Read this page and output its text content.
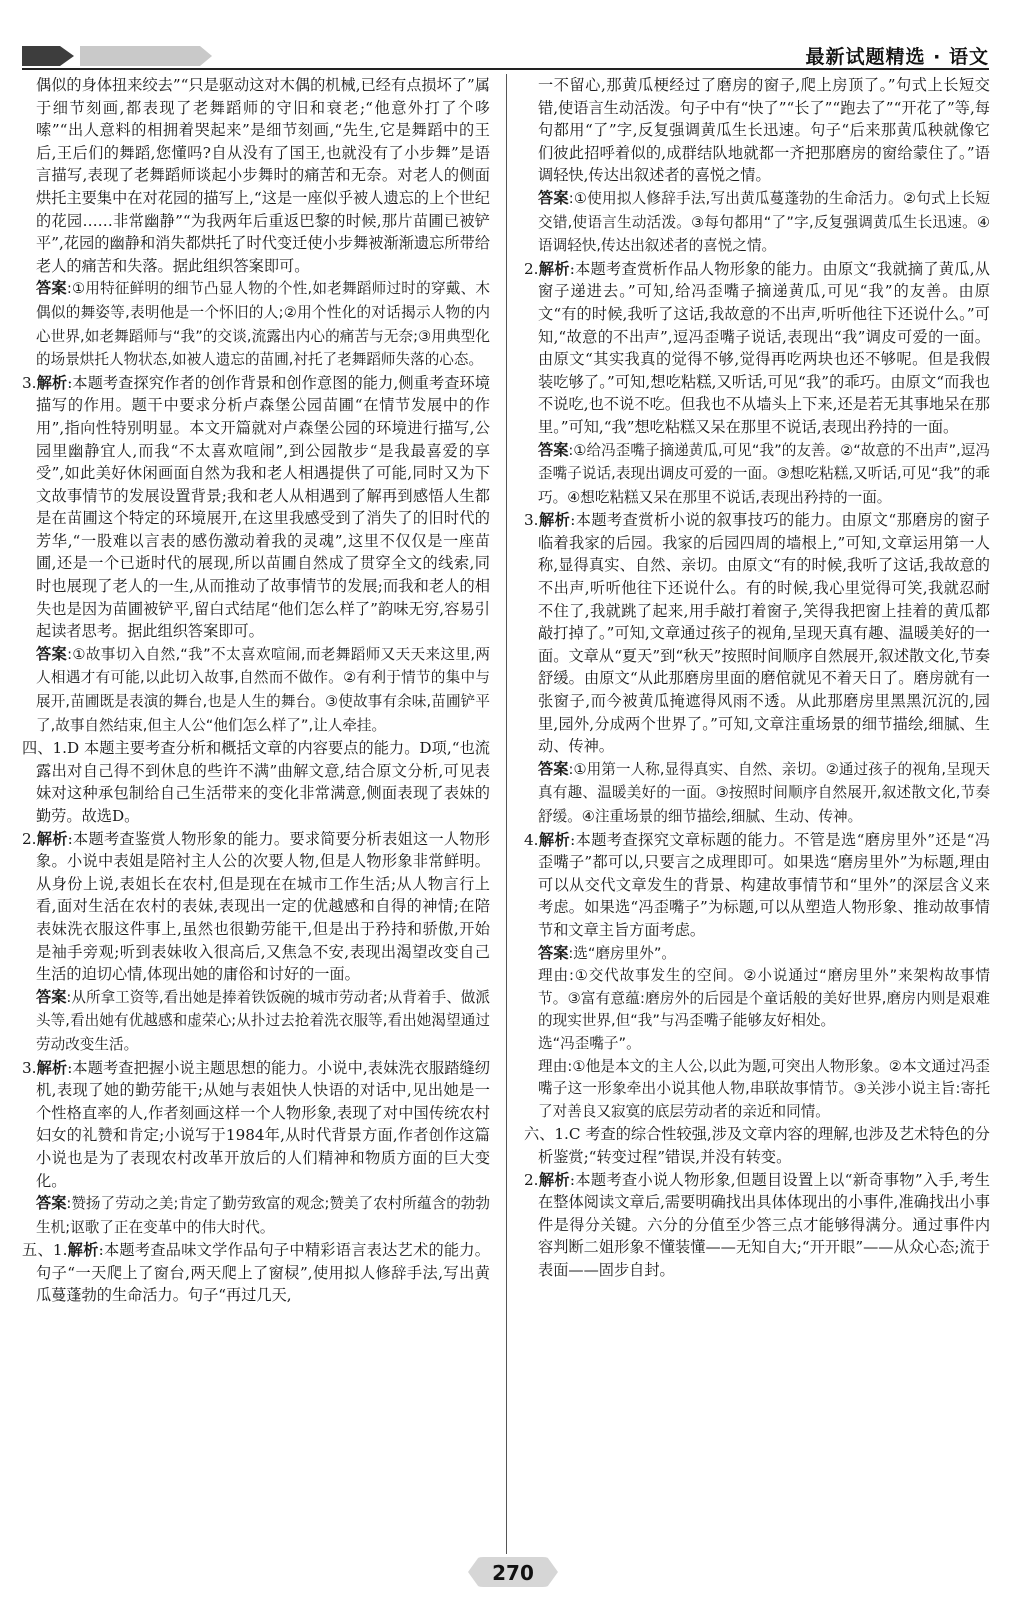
最新试题精选 · 语文

偶似的身体扭来绞去”“只是驱动这对木偶的机械,已经有点损坏了”属于细节刻画,都表现了老舞蹈师的守旧和衰老;“他意外打了个哆嗦”“出人意料的相拥着哭起来”是细节刻画,“先生,它是舞蹈中的王后,王后们的舞蹈,您懂吗?自从没有了国王,也就没有了小步舞”是语言描写,表现了老舞蹈师谈起小步舞时的痛苦和无奈。对老人的侧面烘托主要集中在对花园的描写上,“这是一座似乎被人遗忘的上个世纪的花园……非常幽静”“为我两年后重返巴黎的时候,那片苗圃已被铲平”,花园的幽静和消失都烘托了时代变迁使小步舞被渐渐遗忘所带给老人的痛苦和失落。据此组织答案即可。

答案:①用特征鲜明的细节凸显人物的个性,如老舞蹈师过时的穿戴、木偶似的舞姿等,表明他是一个怀旧的人;②用个性化的对话揭示人物的内心世界,如老舞蹈师与“我”的交谈,流露出内心的痛苦与无奈;③用典型化的场景烘托人物状态,如被人遗忘的苗圃,衬托了老舞蹈师失落的心态。

3.解析:本题考查探究作者的创作背景和创作意图的能力,侧重考查环境描写的作用。题干中要求分析卢森堡公园苗圃“在情节发展中的作用”,指向性特别明显。本文开篇就对卢森堡公园的环境进行描写,公园里幽静宜人,而我“不太喜欢喧闹”,到公园散步“是我最喜爱的享受”,如此美好休闲画面自然为我和老人相遇提供了可能,同时又为下文故事情节的发展设置背景;我和老人从相遇到了解再到感悟人生都是在苗圃这个特定的环境展开,在这里我感受到了消失了的旧时代的芳华,“一股难以言表的感伤激动着我的灵魂”,这里不仅仅是一座苗圃,还是一个已逝时代的展现,所以苗圃自然成了贯穿全文的线索,同时也展现了老人的一生,从而推动了故事情节的发展;而我和老人的相失也是因为苗圃被铲平,留白式结尾“他们怎么样了”韵味无穷,容易引起读者思考。据此组织答案即可。

答案:①故事切入自然,“我”不太喜欢喧闹,而老舞蹈师又天天来这里,两人相遇才有可能,以此切入故事,自然而不做作。②有利于情节的集中与展开,苗圃既是表演的舞台,也是人生的舞台。③使故事有余味,苗圃铲平了,故事自然结束,但主人公“他们怎么样了”,让人牵挂。

四、1.D 本题主要考查分析和概括文章的内容要点的能力。D项,“也流露出对自己得不到休息的些许不满”曲解文意,结合原文分析,可见表妹对这种承包制给自己生活带来的变化非常满意,侧面表现了表妹的勤劳。故选D。

2.解析:本题考查鉴赏人物形象的能力。要求简要分析表姐这一人物形象。小说中表姐是陪衬主人公的次要人物,但是人物形象非常鲜明。从身份上说,表姐长在农村,但是现在在城市工作生活;从人物言行上看,面对生活在农村的表妹,表现出一定的优越感和自得的神情;在陪表妹洗衣服这件事上,虽然也很勤劳能干,但是出于矜持和骄傲,开始是袖手旁观;听到表妹收入很高后,又焦急不安,表现出渴望改变自己生活的迫切心情,体现出她的庸俗和讨好的一面。

答案:从所拿工资等,看出她是捧着铁饭碗的城市劳动者;从背着手、做派头等,看出她有优越感和虚荣心;从扑过去抢着洗衣服等,看出她渴望通过劳动改变生活。

3.解析:本题考查把握小说主题思想的能力。小说中,表妹洗衣服踏缝纫机,表现了她的勤劳能干;从她与表姐快人快语的对话中,见出她是一个性格直率的人,作者刻画这样一个人物形象,表现了对中国传统农村妇女的礼赞和肯定;小说写于1984年,从时代背景方面,作者创作这篇小说也是为了表现农村改革开放后的人们精神和物质方面的巨大变化。

答案:赞扬了劳动之美;肯定了勤劳致富的观念;赞美了农村所蕴含的勃勃生机;讴歌了正在变革中的伟大时代。

五、1.解析:本题考查品味文学作品句子中精彩语言表达艺术的能力。句子“一天爬上了窗台,两天爬上了窗棂”,使用拟人修辞手法,写出黄瓜蔓蓬勃的生命活力。句子“再过几天,

一不留心,那黄瓜梗经过了磨房的窗子,爬上房顶了。”句式上长短交错,使语言生动活泼。句子中有“快了”“长了”“跑去了”“开花了”等,每句都用“了”字,反复强调黄瓜生长迅速。句子“后来那黄瓜秧就像它们彼此招呼着似的,成群结队地就都一齐把那磨房的窗给蒙住了。”语调轻快,传达出叙述者的喜悦之情。

答案:①使用拟人修辞手法,写出黄瓜蔓蓬勃的生命活力。②句式上长短交错,使语言生动活泼。③每句都用“了”字,反复强调黄瓜生长迅速。④语调轻快,传达出叙述者的喜悦之情。

2.解析:本题考查赏析作品人物形象的能力。由原文“我就摘了黄瓜,从窗子递进去。”可知,给冯歪嘴子摘递黄瓜,可见“我”的友善。由原文“有的时候,我听了这话,我故意的不出声,听听他往下还说什么。”可知,“故意的不出声”,逗冯歪嘴子说话,表现出“我”调皮可爱的一面。由原文“其实我真的觉得不够,觉得再吃两块也还不够呢。但是我假装吃够了。”可知,想吃粘糕,又听话,可见“我”的乖巧。由原文“而我也不说吃,也不说不吃。但我也不从墙头上下来,还是若无其事地呆在那里。”可知,“我”想吃粘糕又呆在那里不说话,表现出矜持的一面。

答案:①给冯歪嘴子摘递黄瓜,可见“我”的友善。②“故意的不出声”,逗冯歪嘴子说话,表现出调皮可爱的一面。③想吃粘糕,又听话,可见“我”的乖巧。④想吃粘糕又呆在那里不说话,表现出矜持的一面。

3.解析:本题考查赏析小说的叙事技巧的能力。由原文“那磨房的窗子临着我家的后园。我家的后园四周的墙根上,”可知,文章运用第一人称,显得真实、自然、亲切。由原文“有的时候,我听了这话,我故意的不出声,听听他往下还说什么。有的时候,我心里觉得可笑,我就忍耐不住了,我就跳了起来,用手敲打着窗子,笑得我把窗上挂着的黄瓜都敲打掉了。”可知,文章通过孩子的视角,呈现天真有趣、温暖美好的一面。文章从“夏天”到“秋天”按照时间顺序自然展开,叙述散文化,节奏舒缓。由原文“从此那磨房里面的磨倌就见不着天日了。磨房就有一张窗子,而今被黄瓜掩遮得风雨不透。从此那磨房里黑黑沉沉的,园里,园外,分成两个世界了。”可知,文章注重场景的细节描绘,细腻、生动、传神。

答案:①用第一人称,显得真实、自然、亲切。②通过孩子的视角,呈现天真有趣、温暖美好的一面。③按照时间顺序自然展开,叙述散文化,节奏舒缓。④注重场景的细节描绘,细腻、生动、传神。

4.解析:本题考查探究文章标题的能力。不管是选“磨房里外”还是“冯歪嘴子”都可以,只要言之成理即可。如果选“磨房里外”为标题,理由可以从交代文章发生的背景、构建故事情节和“里外”的深层含义来考虑。如果选“冯歪嘴子”为标题,可以从塑造人物形象、推动故事情节和文章主旨方面考虑。

答案:选“磨房里外”。

理由:①交代故事发生的空间。②小说通过“磨房里外”来架构故事情节。③富有意蕴:磨房外的后园是个童话般的美好世界,磨房内则是艰难的现实世界,但“我”与冯歪嘴子能够友好相处。

选“冯歪嘴子”。

理由:①他是本文的主人公,以此为题,可突出人物形象。②本文通过冯歪嘴子这一形象牵出小说其他人物,串联故事情节。③关涉小说主旨:寄托了对善良又寂寞的底层劳动者的亲近和同情。

六、1.C 考查的综合性较强,涉及文章内容的理解,也涉及艺术特色的分析鉴赏;“转变过程”错误,并没有转变。

2.解析:本题考查小说人物形象,但题目设置上以“新奇事物”入手,考生在整体阅读文章后,需要明确找出具体体现出的小事件,准确找出小事件是得分关键。六分的分值至少答三点才能够得满分。通过事件内容判断二姐形象不懂装懂——无知自大;“开开眼”——从众心态;流于表面——固步自封。

270
